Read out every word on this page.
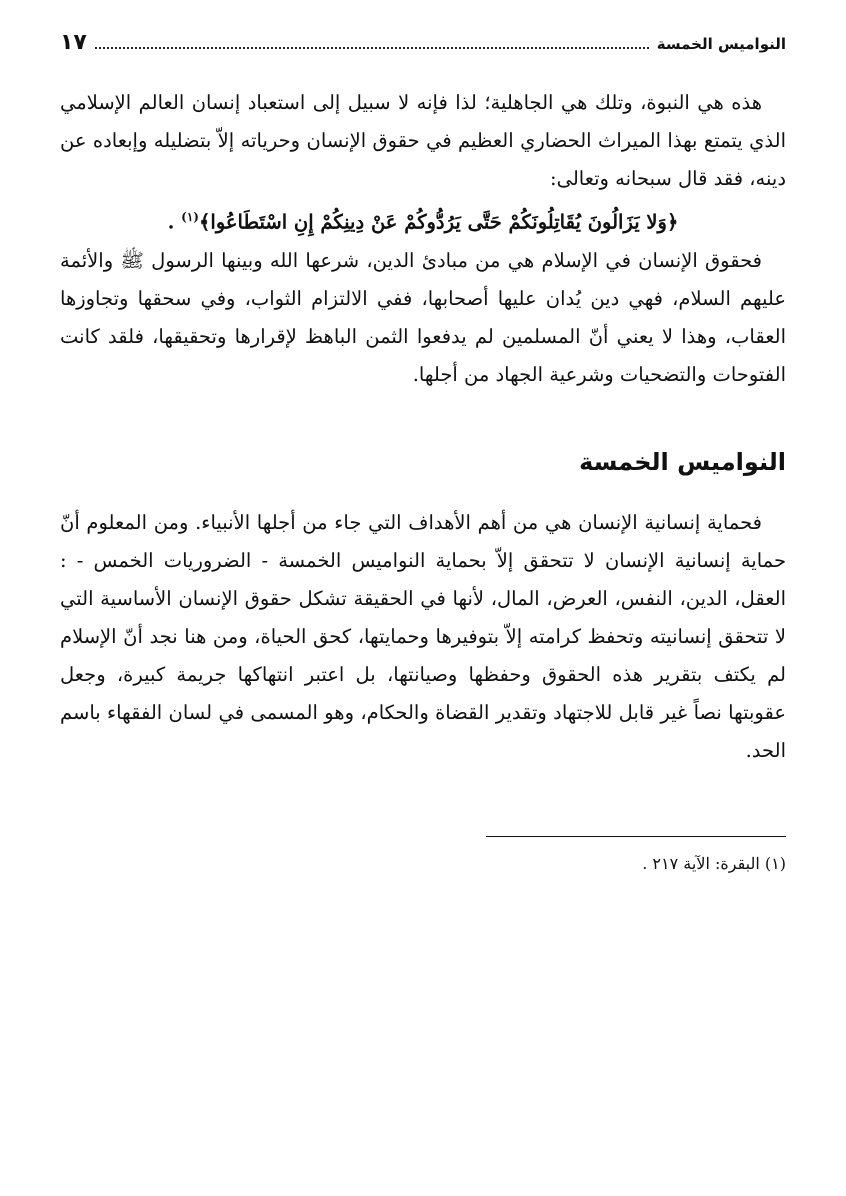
النواميس الخمسة
١٧

هذه هي النبوة، وتلك هي الجاهلية؛ لذا فإنه لا سبيل إلى استعباد إنسان العالم الإسلامي الذي يتمتع بهذا الميراث الحضاري العظيم في حقوق الإنسان وحرياته إلاّ بتضليله وإبعاده عن دينه، فقد قال سبحانه وتعالى:

﴿وَلا يَزَالُونَ يُقَاتِلُونَكُمْ حَتَّى يَرُدُّوكُمْ عَنْ دِينِكُمْ إِنِ اسْتَطَاعُوا﴾$^{(١)}$ .

فحقوق الإنسان في الإسلام هي من مبادئ الدين، شرعها الله وبينها الرسول ﷺ والأئمة عليهم السلام، فهي دين يُدان عليها أصحابها، ففي الالتزام الثواب، وفي سحقها وتجاوزها العقاب، وهذا لا يعني أنّ المسلمين لم يدفعوا الثمن الباهظ لإقرارها وتحقيقها، فلقد كانت الفتوحات والتضحيات وشرعية الجهاد من أجلها.

النواميس الخمسة

فحماية إنسانية الإنسان هي من أهم الأهداف التي جاء من أجلها الأنبياء. ومن المعلوم أنّ حماية إنسانية الإنسان لا تتحقق إلاّ بحماية النواميس الخمسة - الضروريات الخمس - : العقل، الدين، النفس، العرض، المال، لأنها في الحقيقة تشكل حقوق الإنسان الأساسية التي لا تتحقق إنسانيته وتحفظ كرامته إلاّ بتوفيرها وحمايتها، كحق الحياة، ومن هنا نجد أنّ الإسلام لم يكتف بتقرير هذه الحقوق وحفظها وصيانتها، بل اعتبر انتهاكها جريمة كبيرة، وجعل عقوبتها نصاً غير قابل للاجتهاد وتقدير القضاة والحكام، وهو المسمى في لسان الفقهاء باسم الحد.

(١) البقرة: الآية ٢١٧ .
